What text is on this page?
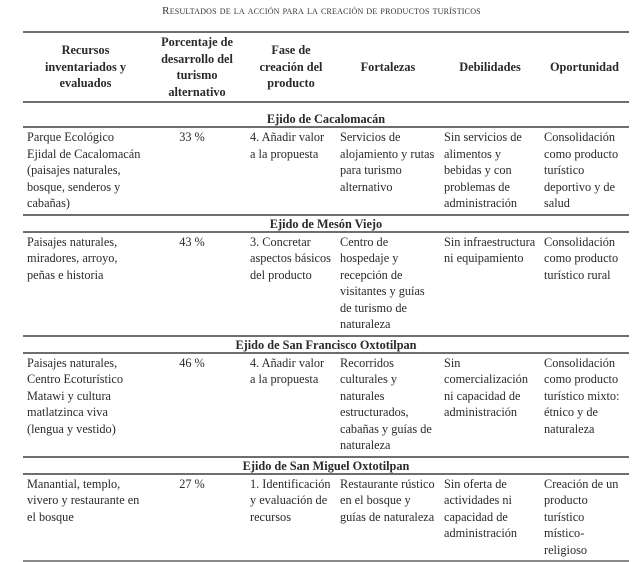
Resultados de la acción para la creación de productos turísticos
Recursos inventariados y evaluados	Porcentaje de desarrollo del turismo alternativo	Fase de creación del producto	Fortalezas	Debilidades	Oportunidad

Ejido de Cacalomacán					
Parque Ecológico Ejidal de Cacalomacán (paisajes naturales, bosque, senderos y cabañas)	33 %	4. Añadir valor a la propuesta	Servicios de alojamiento y rutas para turismo alternativo	Sin servicios de alimentos y bebidas y con problemas de administración	Consolidación como producto turístico deportivo y de salud
Ejido de Mesón Viejo					
Paisajes naturales, miradores, arroyo, peñas e historia	43 %	3. Concretar aspectos básicos del producto	Centro de hospedaje y recepción de visitantes y guías de turismo de naturaleza	Sin infraestructura ni equipamiento	Consolidación como producto turístico rural
Ejido de San Francisco Oxtotilpan					
Paisajes naturales, Centro Ecoturístico Matawi y cultura matlatzinca viva (lengua y vestido)	46 %	4. Añadir valor a la propuesta	Recorridos culturales y naturales estructurados, cabañas y guías de naturaleza	Sin comercialización ni capacidad de administración	Consolidación como producto turístico mixto: étnico y de naturaleza
Ejido de San Miguel Oxtotilpan					
Manantial, templo, vivero y restaurante en el bosque	27 %	1. Identificación y evaluación de recursos	Restaurante rústico en el bosque y guías de naturaleza	Sin oferta de actividades ni capacidad de administración	Creación de un producto turístico místico-religioso
